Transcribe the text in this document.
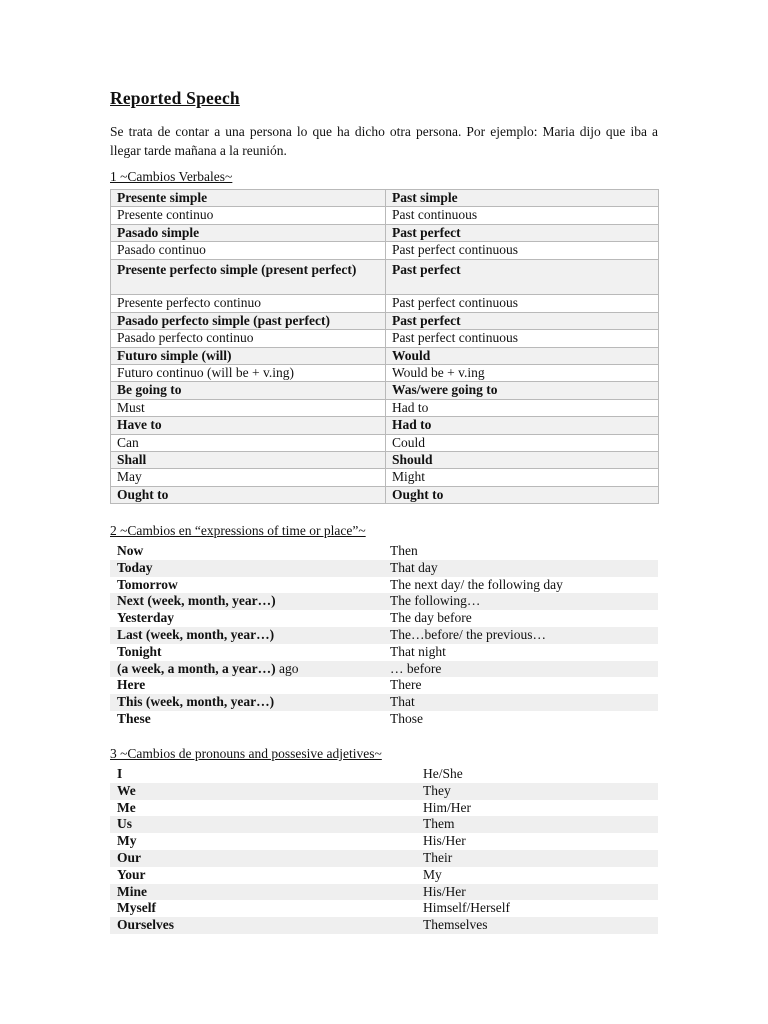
Reported Speech
Se trata de contar a una persona lo que ha dicho otra persona. Por ejemplo: Maria dijo que iba a llegar tarde mañana a la reunión.
1 ~Cambios Verbales~
Presente simple	Past simple
Presente continuo	Past continuous
Pasado simple	Past perfect
Pasado continuo	Past perfect continuous
Presente perfecto simple (present perfect)	Past perfect
Presente perfecto continuo	Past perfect continuous
Pasado perfecto simple (past perfect)	Past perfect
Pasado perfecto continuo	Past perfect continuous
Futuro simple (will)	Would
Futuro continuo (will be + v.ing)	Would be + v.ing
Be going to	Was/were going to
Must	Had to
Have to	Had to
Can	Could
Shall	Should
May	Might
Ought to	Ought to
2 ~Cambios en “expressions of time or place”~
Now	Then
Today	That day
Tomorrow	The next day/ the following day
Next (week, month, year…)	The following…
Yesterday	The day before
Last (week, month, year…)	The…before/ the previous…
Tonight	That night
(a week, a month, a year…) ago	… before
Here	There
This (week, month, year…)	That
These	Those
3 ~Cambios de pronouns and possesive adjetives~
I	He/She
We	They
Me	Him/Her
Us	Them
My	His/Her
Our	Their
Your	My
Mine	His/Her
Myself	Himself/Herself
Ourselves	Themselves
